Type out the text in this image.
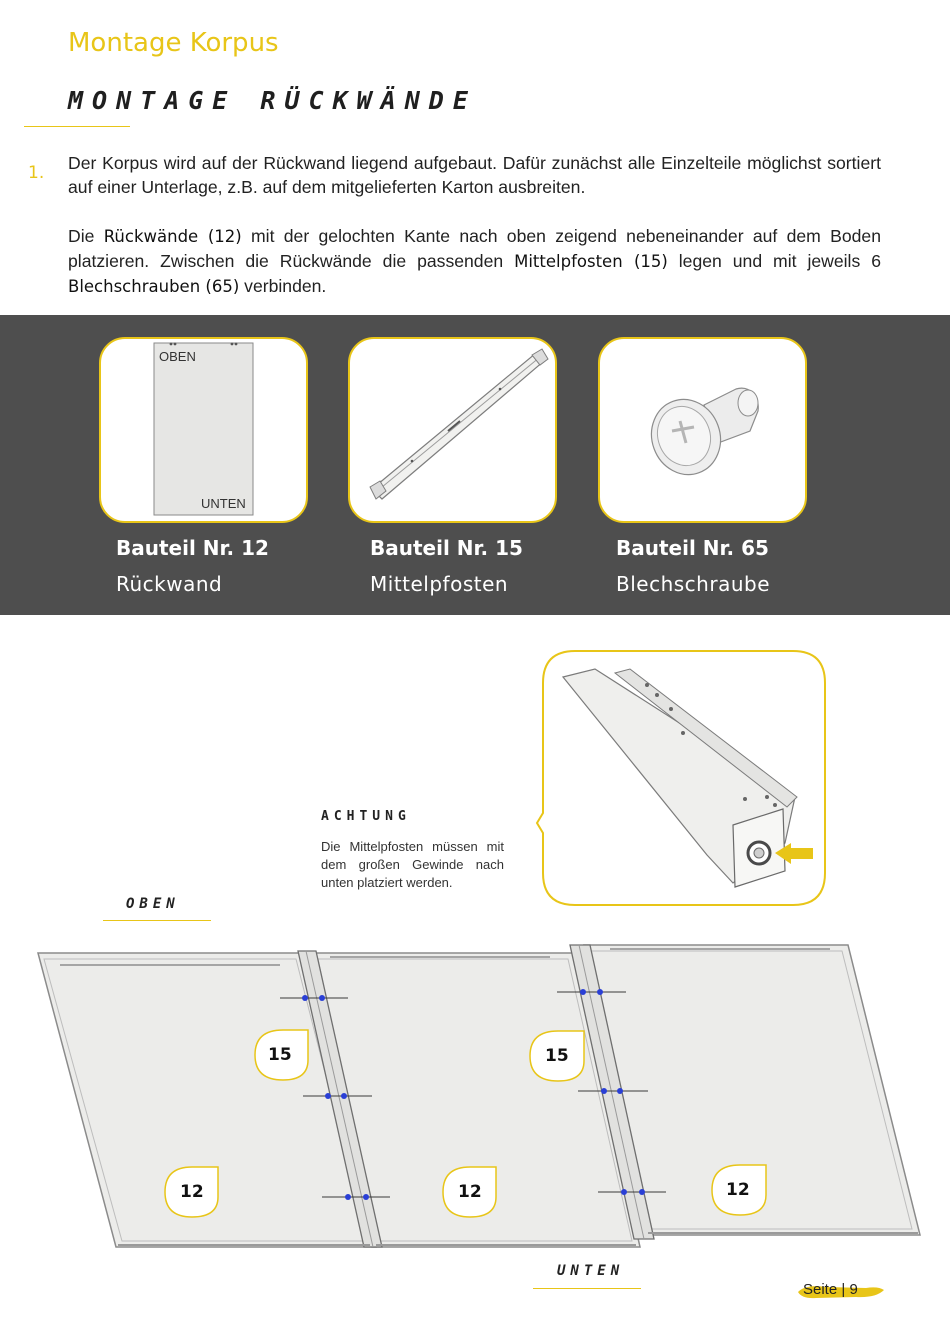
Montage Korpus
MONTAGE RÜCKWÄNDE
1. Der Korpus wird auf der Rückwand liegend aufgebaut. Dafür zunächst alle Einzelteile möglichst sortiert auf einer Unterlage, z.B. auf dem mitgelieferten Karton ausbreiten.
Die Rückwände (12) mit der gelochten Kante nach oben zeigend nebeneinander auf dem Boden platzieren. Zwischen die Rückwände die passenden Mittelpfosten (15) legen und mit jeweils 6 Blechschrauben (65) verbinden.
OBEN
UNTEN
Bauteil Nr. 12
Rückwand
Bauteil Nr. 15
Mittelpfosten
Bauteil Nr. 65
Blechschraube
ACHTUNG
Die Mittelpfosten müssen mit dem großen Gewinde nach unten platziert werden.
OBEN
15	15
12	12	12
UNTEN
Seite | 9
